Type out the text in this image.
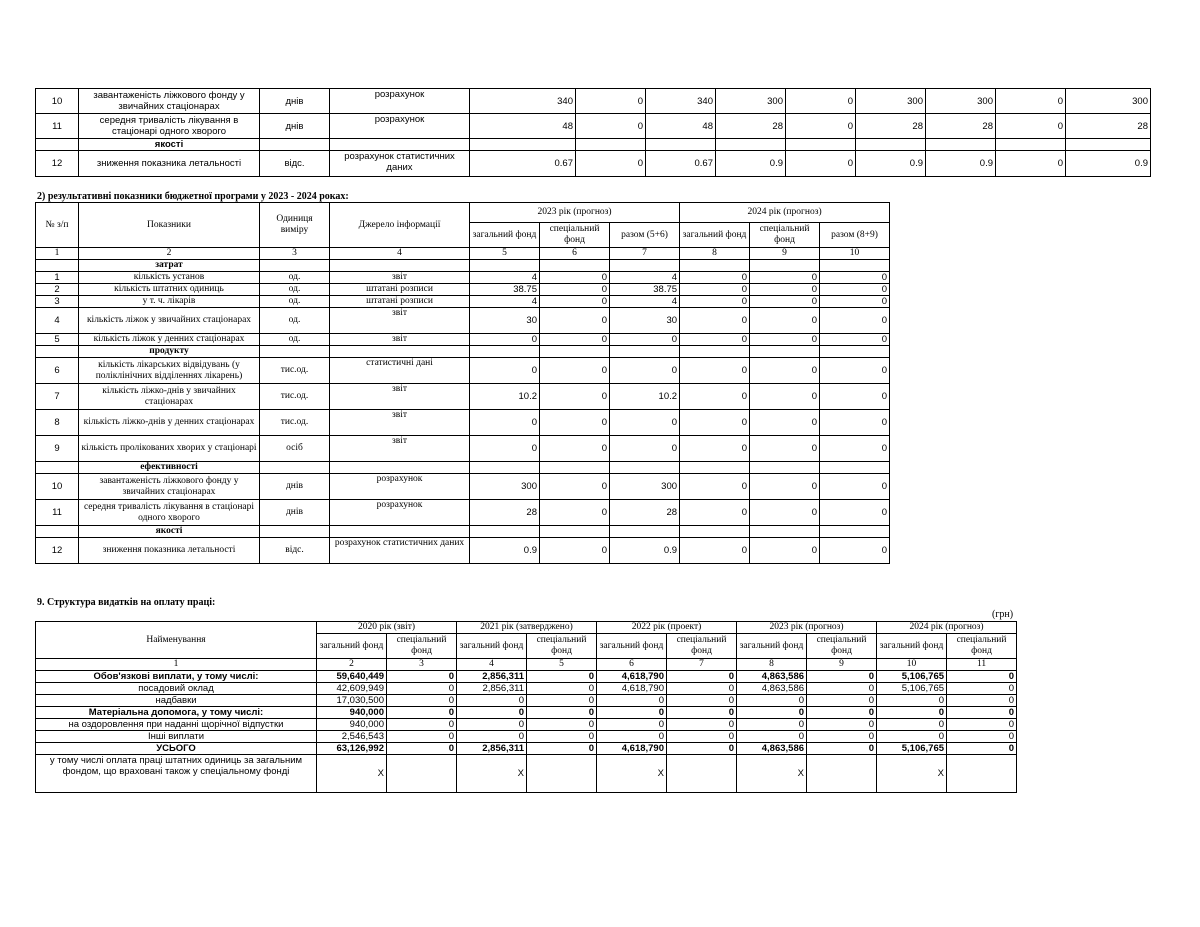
10	завантаженість ліжкового фонду у звичайних стаціонарах	днів	розрахунок	340	0	340	300	0	300	300	0	300
11	середня тривалість лікування в стаціонарі одного хворого	днів	розрахунок	48	0	48	28	0	28	28	0	28
	якості											
12	зниження показника летальності	відс.	розрахунок статистичних даних	0.67	0	0.67	0.9	0	0.9	0.9	0	0.9
2) результативні показники бюджетної програми у 2023 - 2024 роках:
№ з/п	Показники	Одиниця виміру	Джерело інформації	2023 рік (прогноз)			2024 рік (прогноз)		
				загальний фонд	спеціальний фонд	разом (5+6)	загальний фонд	спеціальний фонд	разом (8+9)
1	2	3	4	5	6	7	8	9	10
	затрат								
1	кількість установ	од.	звіт	4	0	4	0	0	0
2	кількість штатних одиниць	од.	штатані розписи	38.75	0	38.75	0	0	0
3	у т. ч. лікарів	од.	штатані розписи	4	0	4	0	0	0
4	кількість ліжок у звичайних стаціонарах	од.	звіт	30	0	30	0	0	0
5	кількість ліжок у денних стаціонарах	од.	звіт	0	0	0	0	0	0
	продукту								
6	кількість лікарських відвідувань (у поліклінічних відділеннях лікарень)	тис.од.	статистичні дані	0	0	0	0	0	0
7	кількість ліжко-днів у звичайних стаціонарах	тис.од.	звіт	10.2	0	10.2	0	0	0
8	кількість ліжко-днів у денних стаціонарах	тис.од.	звіт	0	0	0	0	0	0
9	кількість пролікованих хворих у стаціонарі	осіб	звіт	0	0	0	0	0	0
	ефективності								
10	завантаженість ліжкового фонду у звичайних стаціонарах	днів	розрахунок	300	0	300	0	0	0
11	середня тривалість лікування в стаціонарі одного хворого	днів	розрахунок	28	0	28	0	0	0
	якості								
12	зниження показника летальності	відс.	розрахунок статистичних даних	0.9	0	0.9	0	0	0
9. Структура видатків на оплату праці:
(грн)
Найменування	2020 рік (звіт)		2021 рік (затверджено)		2022 рік (проект)		2023 рік (прогноз)		2024 рік (прогноз)	
	загальний фонд	спеціальний фонд	загальний фонд	спеціальний фонд	загальний фонд	спеціальний фонд	загальний фонд	спеціальний фонд	загальний фонд	спеціальний фонд
1	2	3	4	5	6	7	8	9	10	11
Обов'язкові виплати, у тому числі:	59,640,449	0	2,856,311	0	4,618,790	0	4,863,586	0	5,106,765	0
посадовий оклад	42,609,949	0	2,856,311	0	4,618,790	0	4,863,586	0	5,106,765	0
надбавки	17,030,500	0	0	0	0	0	0	0	0	0
Матеріальна допомога, у тому числі:	940,000	0	0	0	0	0	0	0	0	0
на оздоровлення при наданні щорічної відпустки	940,000	0	0	0	0	0	0	0	0	0
Інші виплати	2,546,543	0	0	0	0	0	0	0	0	0
УСЬОГО	63,126,992	0	2,856,311	0	4,618,790	0	4,863,586	0	5,106,765	0
у тому числі оплата праці штатних одиниць за загальним фондом, що враховані також у спеціальному фонді	X		X		X		X		X	
